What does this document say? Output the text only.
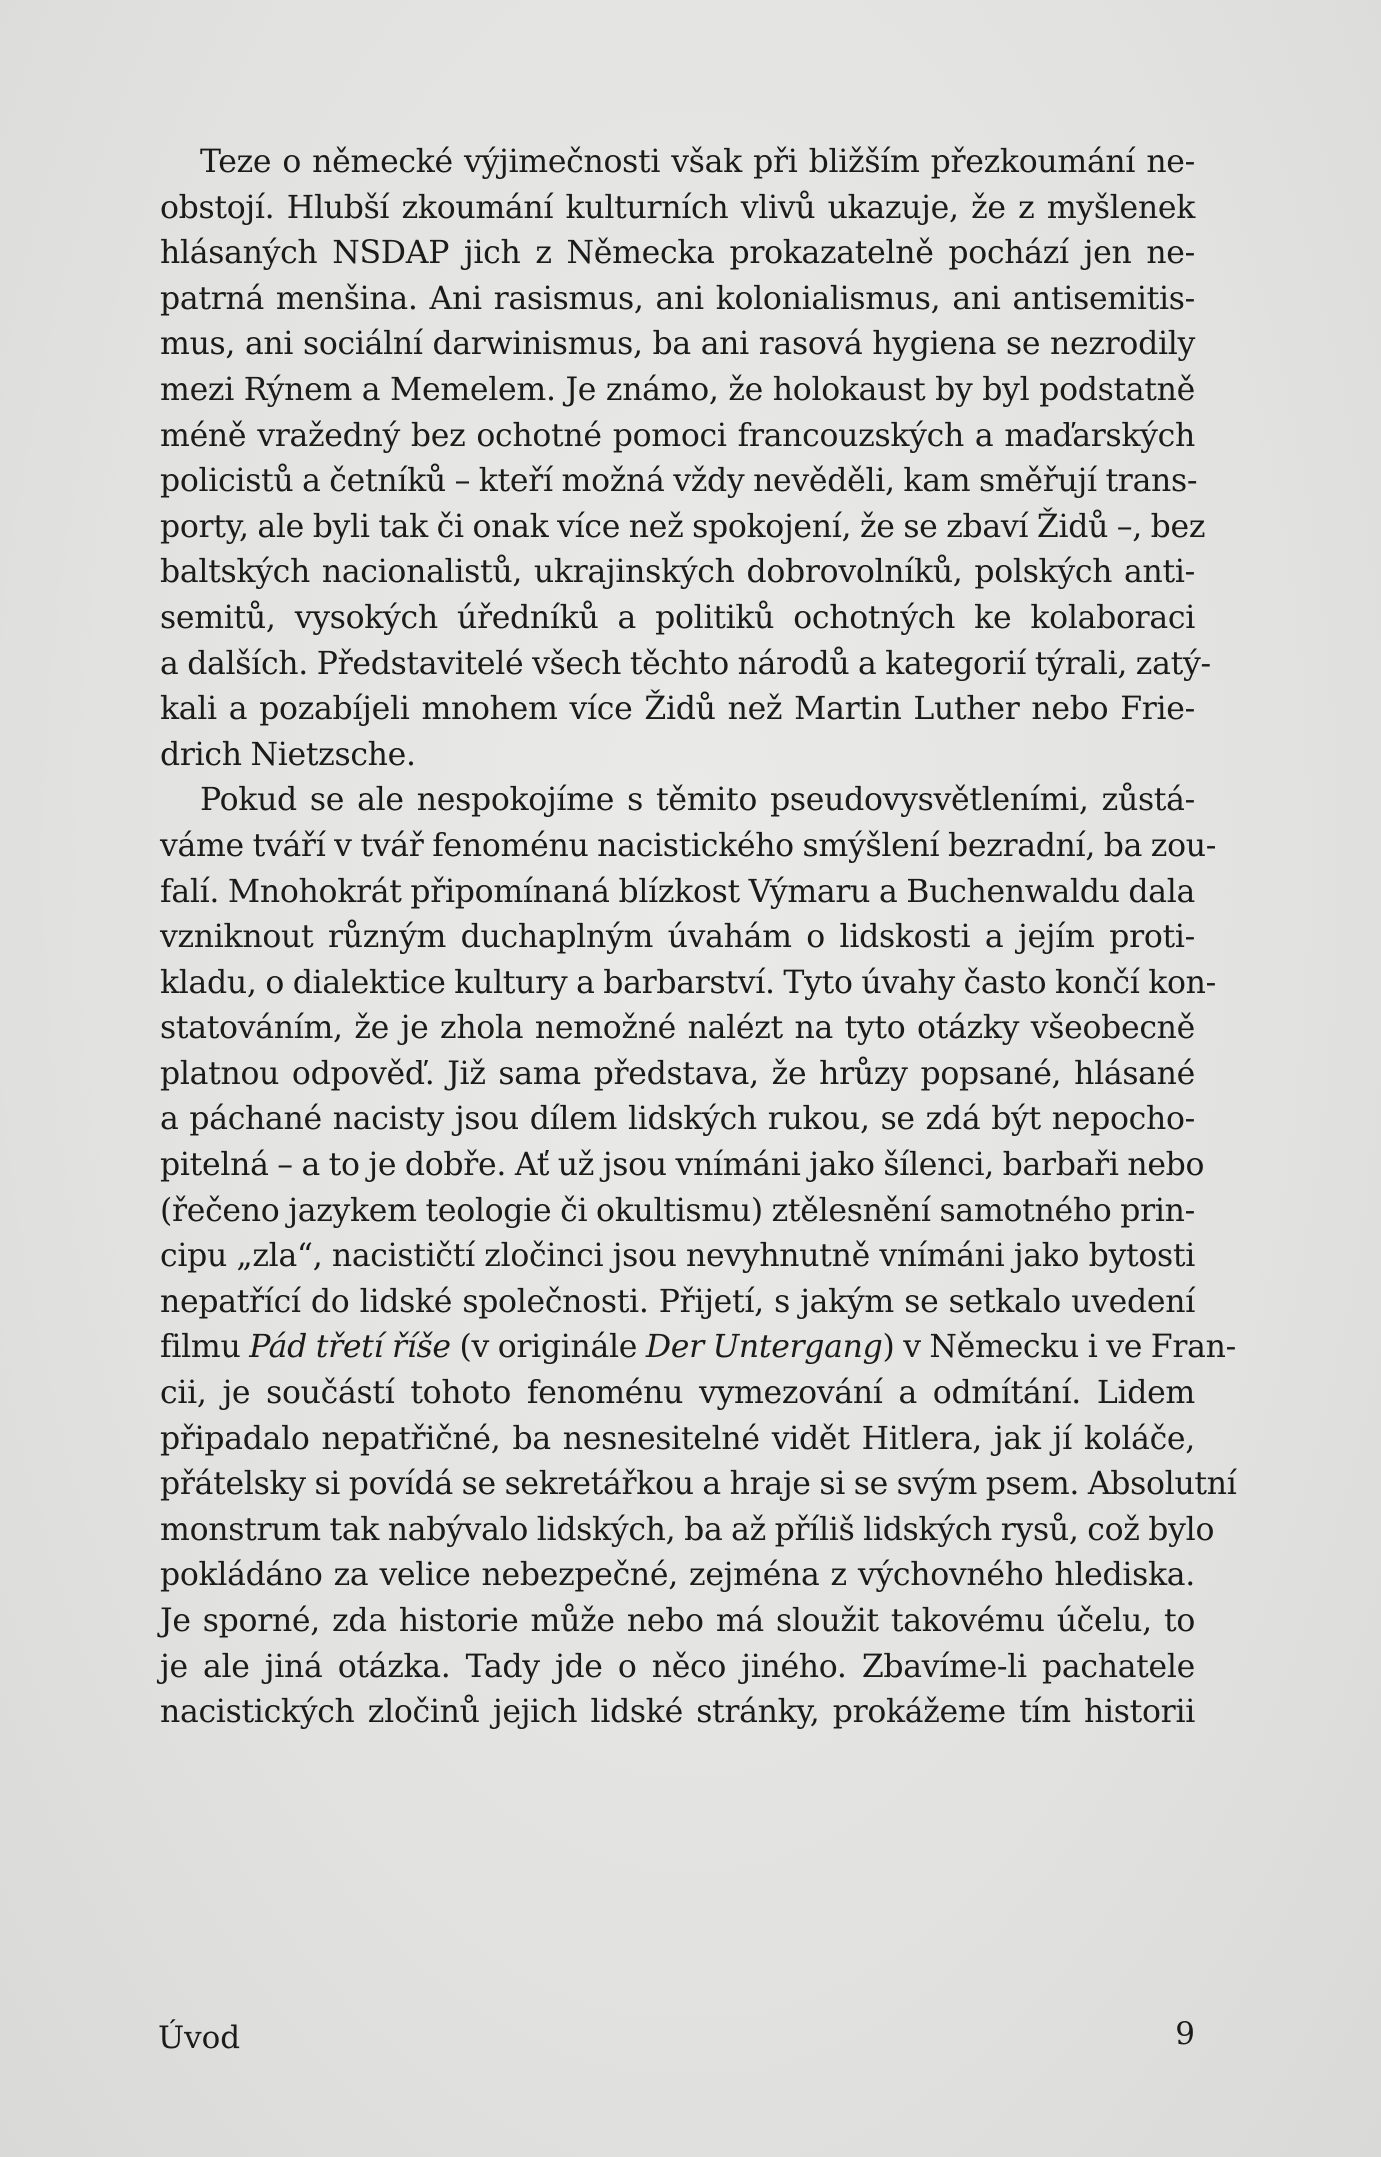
Teze o německé výjimečnosti však při bližším přezkoumání ne-
obstojí. Hlubší zkoumání kulturních vlivů ukazuje, že z myšlenek
hlásaných NSDAP jich z Německa prokazatelně pochází jen ne-
patrná menšina. Ani rasismus, ani kolonialismus, ani antisemitis-
mus, ani sociální darwinismus, ba ani rasová hygiena se nezrodily
mezi Rýnem a Memelem. Je známo, že holokaust by byl podstatně
méně vražedný bez ochotné pomoci francouzských a maďarských
policistů a četníků – kteří možná vždy nevěděli, kam směřují trans-
porty, ale byli tak či onak více než spokojení, že se zbaví Židů –, bez
baltských nacionalistů, ukrajinských dobrovolníků, polských anti-
semitů, vysokých úředníků a politiků ochotných ke kolaboraci
a dalších. Představitelé všech těchto národů a kategorií týrali, zatý-
kali a pozabíjeli mnohem více Židů než Martin Luther nebo Frie-
drich Nietzsche.
Pokud se ale nespokojíme s těmito pseudovysvětleními, zůstá-
váme tváří v tvář fenoménu nacistického smýšlení bezradní, ba zou-
falí. Mnohokrát připomínaná blízkost Výmaru a Buchenwaldu dala
vzniknout různým duchaplným úvahám o lidskosti a jejím proti-
kladu, o dialektice kultury a barbarství. Tyto úvahy často končí kon-
statováním, že je zhola nemožné nalézt na tyto otázky všeobecně
platnou odpověď. Již sama představa, že hrůzy popsané, hlásané
a páchané nacisty jsou dílem lidských rukou, se zdá být nepocho-
pitelná – a to je dobře. Ať už jsou vnímáni jako šílenci, barbaři nebo
(řečeno jazykem teologie či okultismu) ztělesnění samotného prin-
cipu „zla“, nacističtí zločinci jsou nevyhnutně vnímáni jako bytosti
nepatřící do lidské společnosti. Přijetí, s jakým se setkalo uvedení
filmu Pád třetí říše (v originále Der Untergang) v Německu i ve Fran-
cii, je součástí tohoto fenoménu vymezování a odmítání. Lidem
připadalo nepatřičné, ba nesnesitelné vidět Hitlera, jak jí koláče,
přátelsky si povídá se sekretářkou a hraje si se svým psem. Absolutní
monstrum tak nabývalo lidských, ba až příliš lidských rysů, což bylo
pokládáno za velice nebezpečné, zejména z výchovného hlediska.
Je sporné, zda historie může nebo má sloužit takovému účelu, to
je ale jiná otázka. Tady jde o něco jiného. Zbavíme-li pachatele
nacistických zločinů jejich lidské stránky, prokážeme tím historii
Úvod	9
